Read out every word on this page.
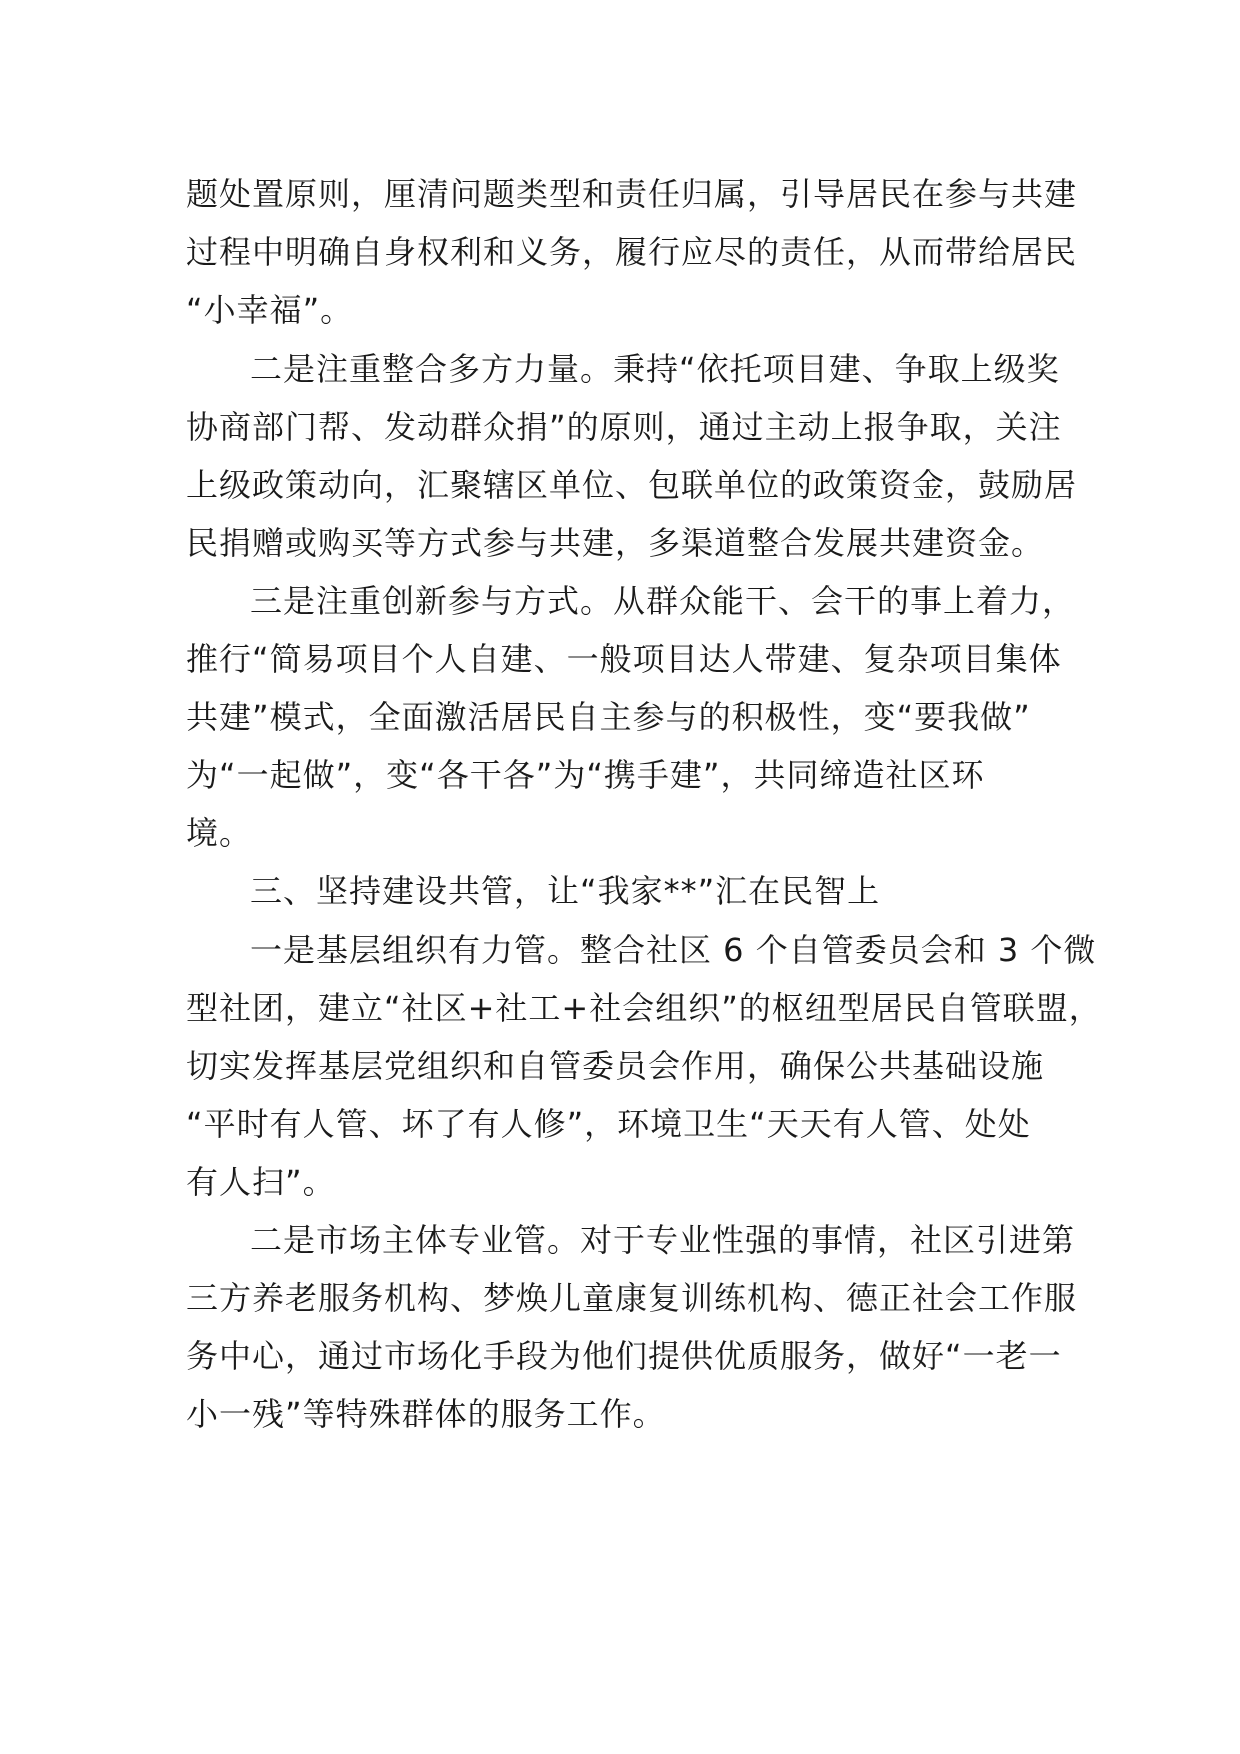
题处置原则，厘清问题类型和责任归属，引导居民在参与共建
过程中明确自身权利和义务，履行应尽的责任，从而带给居民
“小幸福”。
二是注重整合多方力量。秉持“依托项目建、争取上级奖
协商部门帮、发动群众捐”的原则，通过主动上报争取，关注
上级政策动向，汇聚辖区单位、包联单位的政策资金，鼓励居
民捐赠或购买等方式参与共建，多渠道整合发展共建资金。
三是注重创新参与方式。从群众能干、会干的事上着力，
推行“简易项目个人自建、一般项目达人带建、复杂项目集体
共建”模式，全面激活居民自主参与的积极性，变“要我做”
为“一起做”，变“各干各”为“携手建”，共同缔造社区环
境。
三、坚持建设共管，让“我家**”汇在民智上
一是基层组织有力管。整合社区 6 个自管委员会和 3 个微
型社团，建立“社区+社工+社会组织”的枢纽型居民自管联盟，
切实发挥基层党组织和自管委员会作用，确保公共基础设施
“平时有人管、坏了有人修”，环境卫生“天天有人管、处处
有人扫”。
二是市场主体专业管。对于专业性强的事情，社区引进第
三方养老服务机构、梦焕儿童康复训练机构、德正社会工作服
务中心，通过市场化手段为他们提供优质服务，做好“一老一
小一残”等特殊群体的服务工作。
